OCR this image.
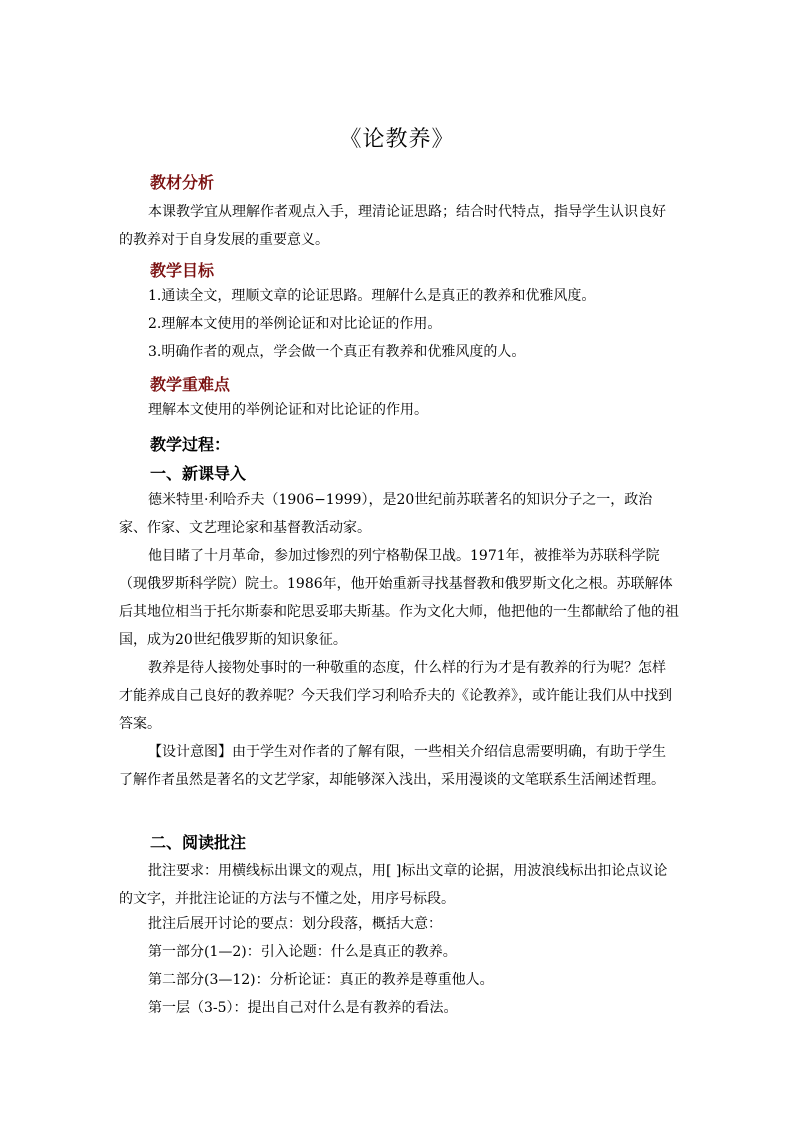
《论教养》
教材分析

本课教学宜从理解作者观点入手，理清论证思路；结合时代特点，指导学生认识良好的教养对于自身发展的重要意义。

教学目标
1.通读全文，理顺文章的论证思路。理解什么是真正的教养和优雅风度。
2.理解本文使用的举例论证和对比论证的作用。
3.明确作者的观点，学会做一个真正有教养和优雅风度的人。
教学重难点
理解本文使用的举例论证和对比论证的作用。
教学过程：
一、新课导入

德米特里·利哈乔夫（1906−1999），是20世纪前苏联著名的知识分子之一，政治家、作家、文艺理论家和基督教活动家。

他目睹了十月革命，参加过惨烈的列宁格勒保卫战。1971年，被推举为苏联科学院（现俄罗斯科学院）院士。1986年，他开始重新寻找基督教和俄罗斯文化之根。苏联解体后其地位相当于托尔斯泰和陀思妥耶夫斯基。作为文化大师，他把他的一生都献给了他的祖国，成为20世纪俄罗斯的知识象征。

教养是待人接物处事时的一种敬重的态度，什么样的行为才是有教养的行为呢？怎样才能养成自己良好的教养呢？今天我们学习利哈乔夫的《论教养》，或许能让我们从中找到答案。

【设计意图】由于学生对作者的了解有限，一些相关介绍信息需要明确，有助于学生了解作者虽然是著名的文艺学家，却能够深入浅出，采用漫谈的文笔联系生活阐述哲理。

二、阅读批注

批注要求：用横线标出课文的观点，用[ ]标出文章的论据，用波浪线标出扣论点议论的文字，并批注论证的方法与不懂之处，用序号标段。

批注后展开讨论的要点：划分段落，概括大意：
第一部分(1—2)：引入论题：什么是真正的教养。
第二部分(3—12)：分析论证：真正的教养是尊重他人。
第一层（3-5）：提出自己对什么是有教养的看法。
